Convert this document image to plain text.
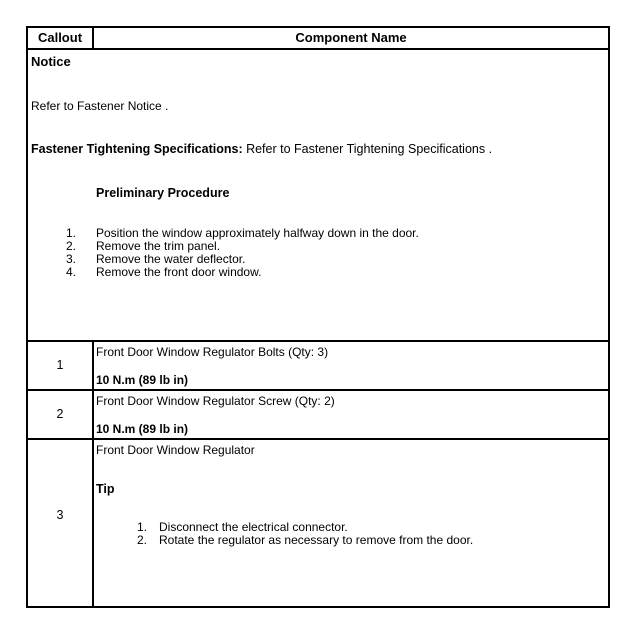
Callout	Component Name
Notice
Refer to Fastener Notice .
Fastener Tightening Specifications: Refer to Fastener Tightening Specifications .
Preliminary Procedure
1. Position the window approximately halfway down in the door.
2. Remove the trim panel.
3. Remove the water deflector.
4. Remove the front door window.
1
Front Door Window Regulator Bolts (Qty: 3)
10 N.m (89 lb in)
2
Front Door Window Regulator Screw (Qty: 2)
10 N.m (89 lb in)
3
Front Door Window Regulator
Tip
1. Disconnect the electrical connector.
2. Rotate the regulator as necessary to remove from the door.
